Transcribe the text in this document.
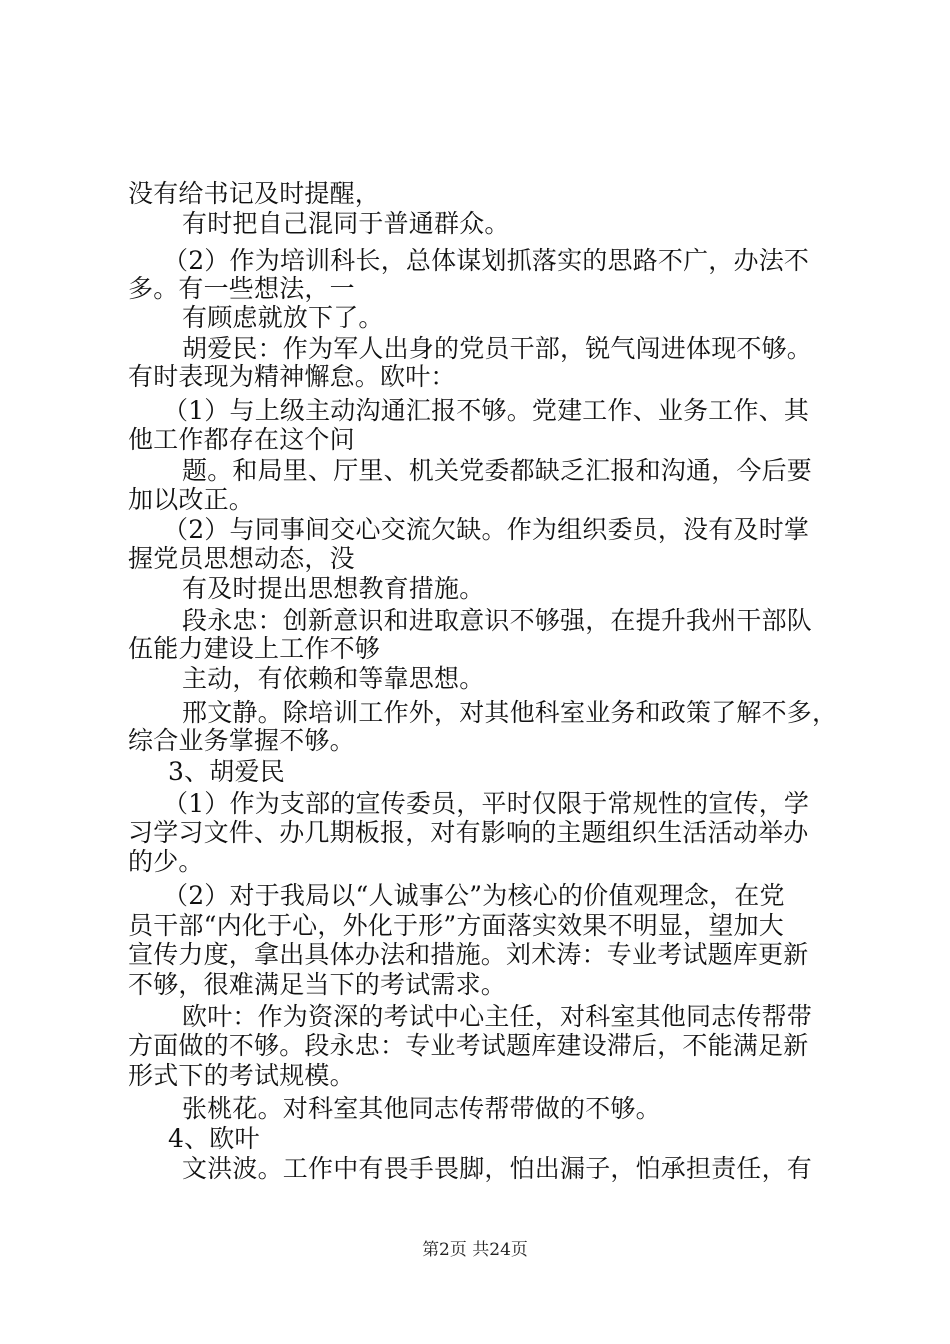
没有给书记及时提醒，
有时把自己混同于普通群众。
（2）作为培训科长，总体谋划抓落实的思路不广，办法不
多。有一些想法，一
有顾虑就放下了。
胡爱民：作为军人出身的党员干部，锐气闯进体现不够。
有时表现为精神懈怠。欧叶：
（1）与上级主动沟通汇报不够。党建工作、业务工作、其
他工作都存在这个问
题。和局里、厅里、机关党委都缺乏汇报和沟通，今后要
加以改正。
（2）与同事间交心交流欠缺。作为组织委员，没有及时掌
握党员思想动态，没
有及时提出思想教育措施。
段永忠：创新意识和进取意识不够强，在提升我州干部队
伍能力建设上工作不够
主动，有依赖和等靠思想。
邢文静。除培训工作外，对其他科室业务和政策了解不多，
综合业务掌握不够。
3、胡爱民
（1）作为支部的宣传委员，平时仅限于常规性的宣传，学
习学习文件、办几期板报，对有影响的主题组织生活活动举办
的少。
（2）对于我局以“人诚事公”为核心的价值观理念，在党
员干部“内化于心，外化于形”方面落实效果不明显，望加大
宣传力度，拿出具体办法和措施。刘术涛：专业考试题库更新
不够，很难满足当下的考试需求。
欧叶：作为资深的考试中心主任，对科室其他同志传帮带
方面做的不够。段永忠：专业考试题库建设滞后，不能满足新
形式下的考试规模。
张桃花。对科室其他同志传帮带做的不够。
4、欧叶
文洪波。工作中有畏手畏脚，怕出漏子，怕承担责任，有
第2页 共24页
